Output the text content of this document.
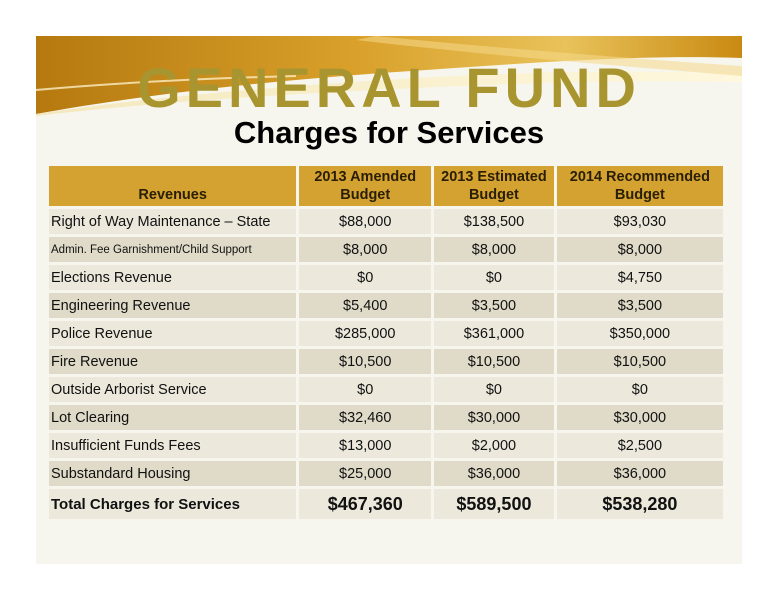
GENERAL FUND
Charges for Services
Revenues	2013 Amended Budget	2013 Estimated Budget	2014 Recommended Budget
Right of Way Maintenance – State	$88,000	$138,500	$93,030
Admin. Fee Garnishment/Child Support	$8,000	$8,000	$8,000
Elections Revenue	$0	$0	$4,750
Engineering Revenue	$5,400	$3,500	$3,500
Police Revenue	$285,000	$361,000	$350,000
Fire Revenue	$10,500	$10,500	$10,500
Outside Arborist Service	$0	$0	$0
Lot Clearing	$32,460	$30,000	$30,000
Insufficient Funds Fees	$13,000	$2,000	$2,500
Substandard Housing	$25,000	$36,000	$36,000
Total Charges for Services	$467,360	$589,500	$538,280
